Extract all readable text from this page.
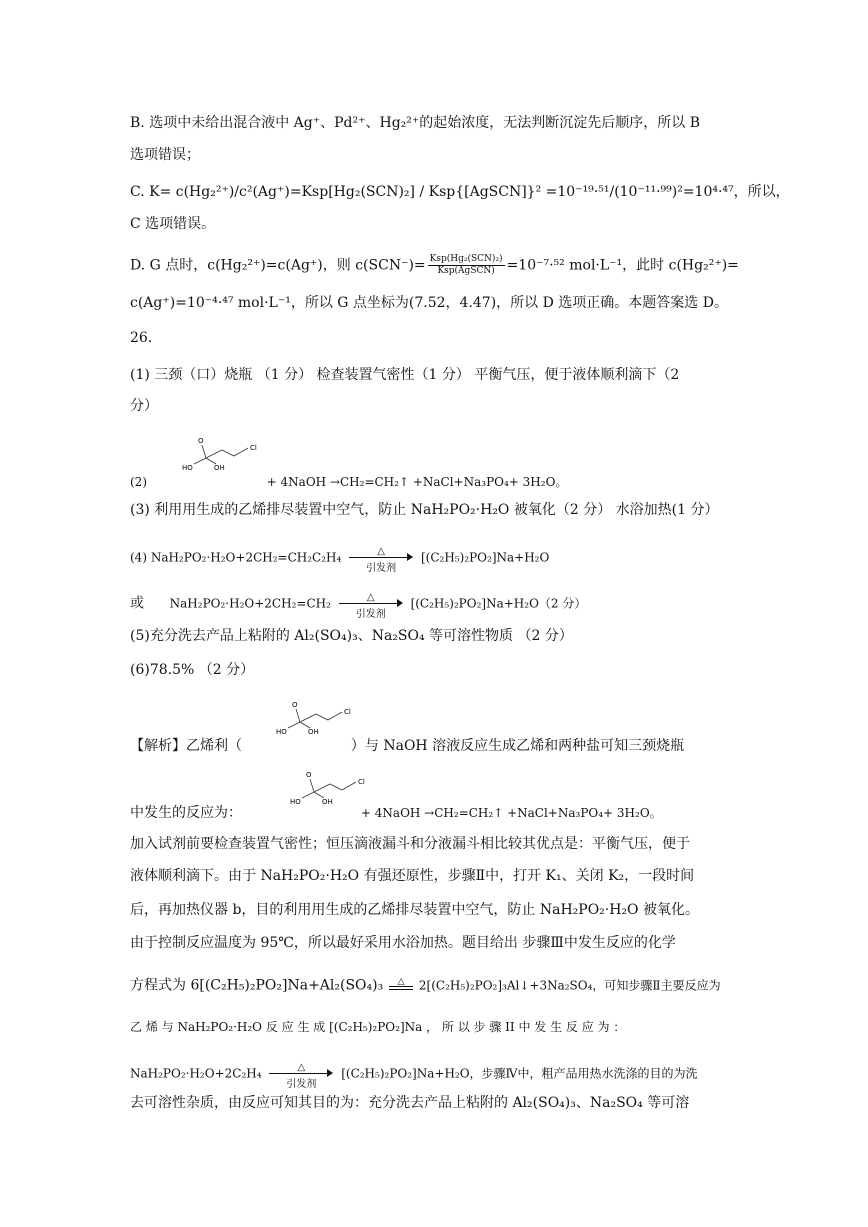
B. 选项中未给出混合液中 Ag⁺、Pd²⁺、Hg₂²⁺的起始浓度，无法判断沉淀先后顺序，所以 B
选项错误；
C. K= c(Hg₂²⁺)/c²(Ag⁺)=Ksp[Hg₂(SCN)₂] / Ksp{[AgSCN]}² =10⁻¹⁹·⁵¹/(10⁻¹¹·⁹⁹)²=10⁴·⁴⁷，所以，
C 选项错误。
D. G 点时，c(Hg₂²⁺)=c(Ag⁺)，则 $c(SCN^-)= \frac{\text{Ksp(Hg₂(SCN)₂)}}{\text{Ksp(AgSCN)}} =10^{-7}\cdot^{52}$ mol·L⁻¹，此时 c(Hg₂²⁺)=
c(Ag⁺)=10⁻⁴·⁴⁷ mol·L⁻¹，所以 G 点坐标为(7.52，4.47)，所以 D 选项正确。本题答案选 D。
26.
(1) 三颈（口）烧瓶 （1 分） 检查装置气密性（1 分） 平衡气压，便于液体顺利滴下（2
分）
O
HO	OH
Cl
(2)	+ 4NaOH →CH₂=CH₂↑ +NaCl+Na₃PO₄+ 3H₂O。
(3) 利用用生成的乙烯排尽装置中空气，防止 NaH₂PO₂·H₂O 被氧化（2 分） 水浴加热(1 分）
(4) NaH₂PO₂·H₂O+2CH₂=CH₂C₂H₄	△
引发剂
[(C₂H₅)₂PO₂]Na+H₂O
或 NaH₂PO₂·H₂O+2CH₂=CH₂	△
引发剂
[(C₂H₅)₂PO₂]Na+H₂O（2 分）
(5)充分洗去产品上粘附的 Al₂(SO₄)₃、Na₂SO₄ 等可溶性物质 （2 分）
(6)78.5% （2 分）
O
HO	OH
Cl
【解析】乙烯利（	）与 NaOH 溶液反应生成乙烯和两种盐可知三颈烧瓶
O
HO	OH
Cl
中发生的反应为：	+ 4NaOH →CH₂=CH₂↑ +NaCl+Na₃PO₄+ 3H₂O。
加入试剂前要检查装置气密性；恒压滴液漏斗和分液漏斗相比较其优点是：平衡气压，便于
液体顺利滴下。由于 NaH₂PO₂·H₂O 有强还原性，步骤Ⅱ中，打开 K₁、关闭 K₂，一段时间
后，再加热仪器 b，目的利用用生成的乙烯排尽装置中空气，防止 NaH₂PO₂·H₂O 被氧化。
由于控制反应温度为 95℃，所以最好采用水浴加热。题目给出 步骤Ⅲ中发生反应的化学
方程式为 6[(C₂H₅)₂PO₂]Na+Al₂(SO₄)₃	△	2[(C₂H₅)₂PO₂]₃Al↓+3Na₂SO₄，可知步骤Ⅱ主要反应为
乙 烯 与 NaH₂PO₂·H₂O 反 应 生 成 [(C₂H₅)₂PO₂]Na ， 所 以 步 骤 II 中 发 生 反 应 为 ：
NaH₂PO₂·H₂O+2C₂H₄	△
引发剂
[(C₂H₅)₂PO₂]Na+H₂O，步骤Ⅳ中，粗产品用热水洗涤的目的为洗
去可溶性杂质，由反应可知其目的为：充分洗去产品上粘附的 Al₂(SO₄)₃、Na₂SO₄ 等可溶
